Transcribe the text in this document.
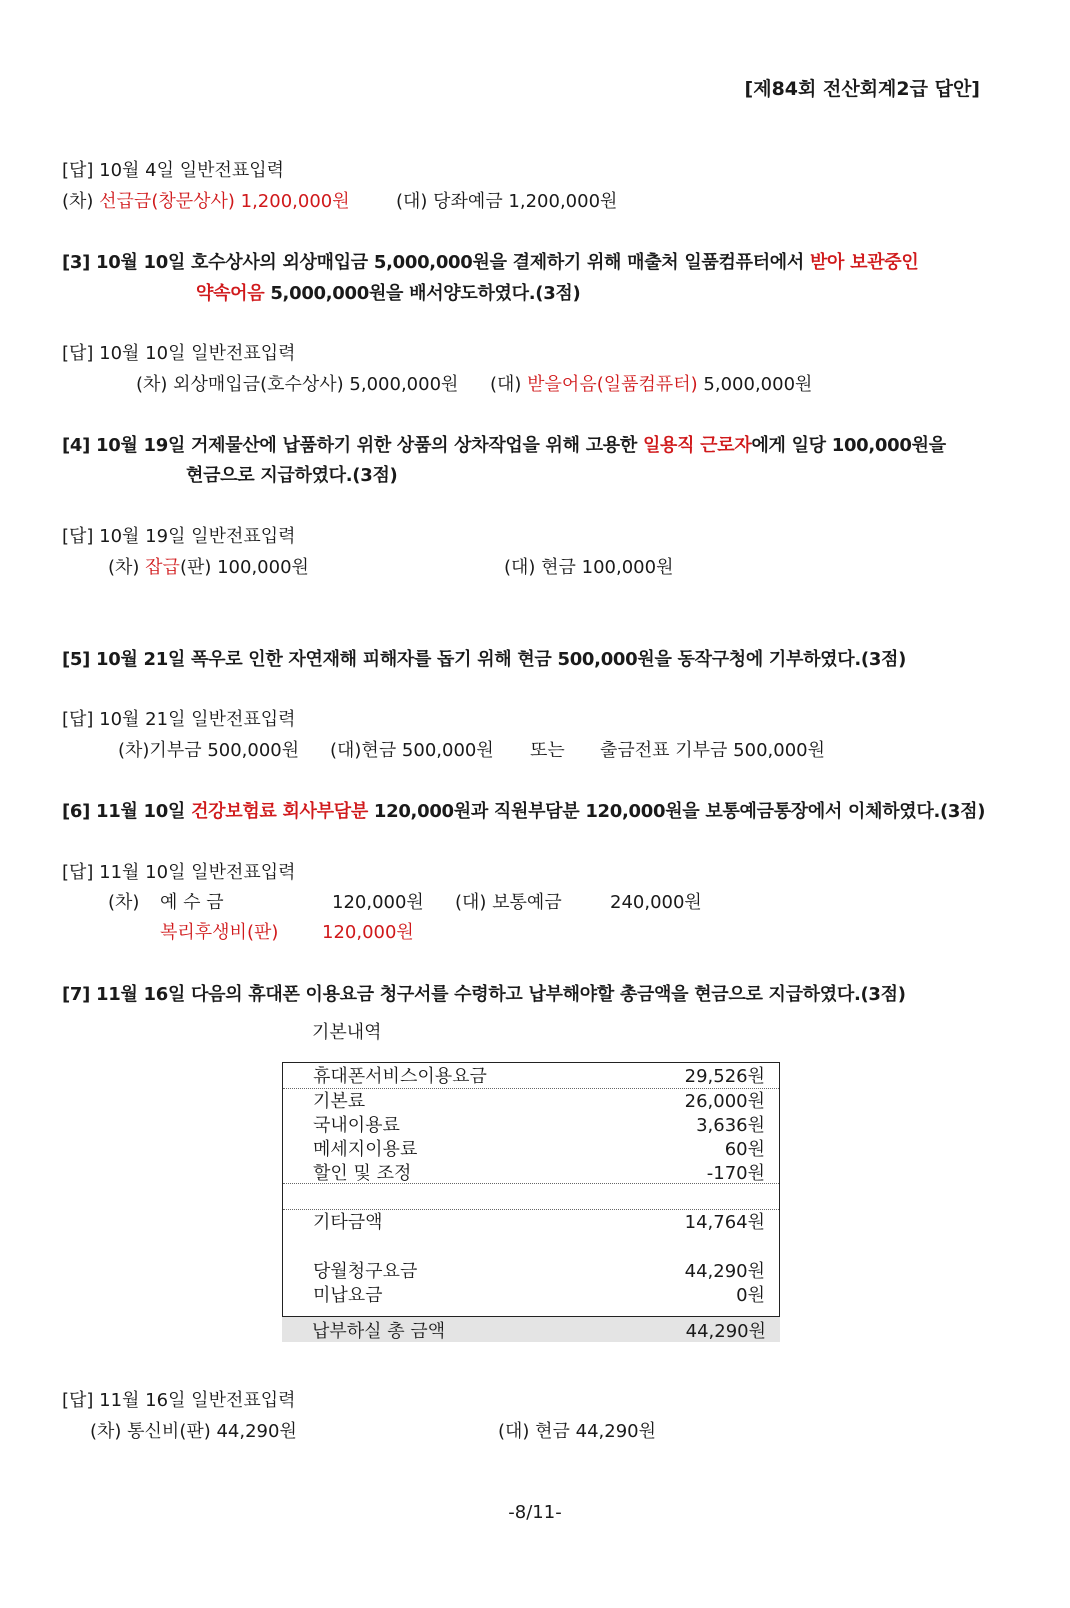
[제84회 전산회계2급 답안]
[답] 10월 4일 일반전표입력
(차) 선급금(창문상사) 1,200,000원	(대) 당좌예금 1,200,000원
[3] 10월 10일 호수상사의 외상매입금 5,000,000원을 결제하기 위해 매출처 일품컴퓨터에서 받아 보관중인
약속어음 5,000,000원을 배서양도하였다.(3점)
[답] 10월 10일 일반전표입력
(차) 외상매입금(호수상사) 5,000,000원 (대) 받을어음(일품컴퓨터) 5,000,000원
[4] 10월 19일 거제물산에 납품하기 위한 상품의 상차작업을 위해 고용한 일용직 근로자에게 일당 100,000원을
현금으로 지급하였다.(3점)
[답] 10월 19일 일반전표입력
(차) 잡급(판) 100,000원	(대) 현금 100,000원
[5] 10월 21일 폭우로 인한 자연재해 피해자를 돕기 위해 현금 500,000원을 동작구청에 기부하였다.(3점)
[답] 10월 21일 일반전표입력
(차)기부금 500,000원 (대)현금 500,000원 또는 출금전표 기부금 500,000원
[6] 11월 10일 건강보험료 회사부담분 120,000원과 직원부담분 120,000원을 보통예금통장에서 이체하였다.(3점)
[답] 11월 10일 일반전표입력
(차) 예 수 금	120,000원 (대) 보통예금	240,000원
복리후생비(판) 120,000원
[7] 11월 16일 다음의 휴대폰 이용요금 청구서를 수령하고 납부해야할 총금액을 현금으로 지급하였다.(3점)
기본내역
휴대폰서비스이용요금	29,526원
기본료	26,000원
국내이용료	3,636원
메세지이용료	60원
할인 및 조정	-170원
기타금액	14,764원
당월청구요금	44,290원
미납요금	0원
납부하실 총 금액	44,290원
[답] 11월 16일 일반전표입력
(차) 통신비(판) 44,290원	(대) 현금 44,290원
-8/11-
